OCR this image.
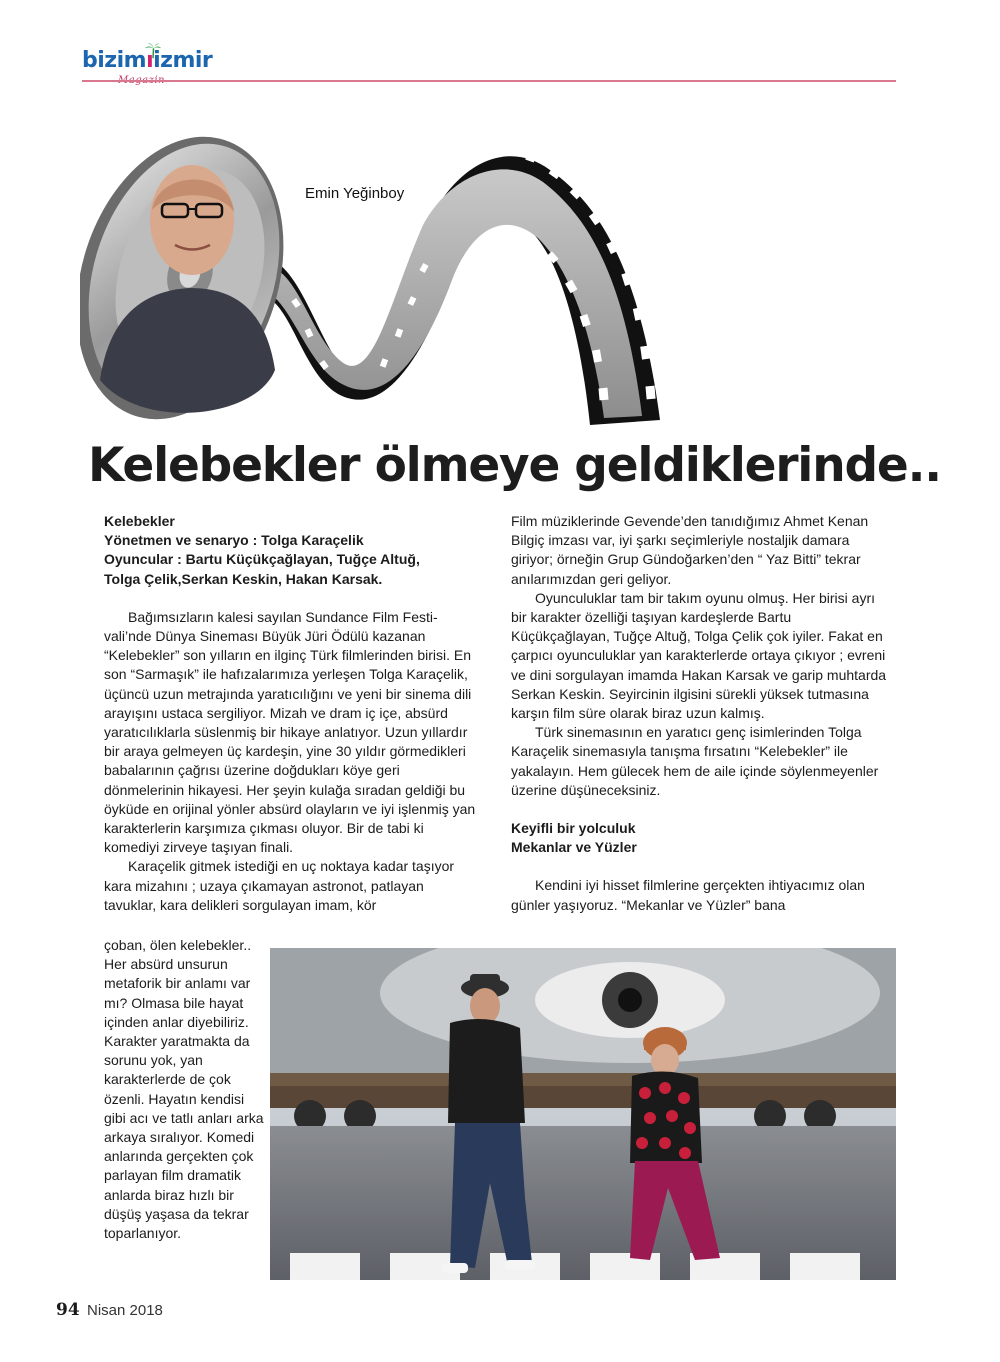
bizimıizmir
Emin Yeğinboy
Kelebekler ölmeye geldiklerinde..

Kelebekler

Yönetmen ve senaryo : Tolga Karaçelik

Oyuncular : Bartu Küçükçağlayan, Tuğçe Altuğ,

Tolga Çelik,Serkan Keskin, Hakan Karsak.

Bağımsızların kalesi sayılan Sundance Film Festivali’nde Dünya Sineması Büyük Jüri Ödülü kazanan “Kelebekler” son yılların en ilginç Türk filmlerinden birisi. En son “Sarmaşık” ile hafızalarımıza yerleşen Tolga Karaçelik, üçüncü uzun metrajında yaratıcılığını ve yeni bir sinema dili arayışını ustaca sergiliyor. Mizah ve dram iç içe, absürd yaratıcılıklarla süslenmiş bir hikaye anlatıyor. Uzun yıllardır bir araya gelmeyen üç kardeşin, yine 30 yıldır görmedikleri babalarının çağrısı üzerine doğdukları köye geri dönmelerinin hikayesi. Her şeyin kulağa sıradan geldiği bu öyküde en orijinal yönler absürd olayların ve iyi işlenmiş yan karakterlerin karşımıza çıkması oluyor. Bir de tabi ki komediyi zirveye taşıyan finali.

Karaçelik gitmek istediği en uç noktaya kadar taşıyor kara mizahını ; uzaya çıkamayan astronot, patlayan tavuklar, kara delikleri sorgulayan imam, kör

çoban, ölen kelebekler.. Her absürd unsurun metaforik bir anlamı var mı? Olmasa bile hayat içinden anlar diyebiliriz. Karakter yaratmakta da sorunu yok, yan karakterlerde de çok özenli. Hayatın kendisi gibi acı ve tatlı anları arka arkaya sıralıyor. Komedi anlarında gerçekten çok parlayan film dramatik anlarda biraz hızlı bir düşüş yaşasa da tekrar toparlanıyor.

Film müziklerinde Gevende’den tanıdığımız Ahmet Kenan Bilgiç imzası var, iyi şarkı seçimleriyle nostaljik damara giriyor; örneğin Grup Gündoğarken’den “ Yaz Bitti” tekrar anılarımızdan geri geliyor.

Oyunculuklar tam bir takım oyunu olmuş. Her birisi ayrı bir karakter özelliği taşıyan kardeşlerde Bartu Küçükçağlayan, Tuğçe Altuğ, Tolga Çelik çok iyiler. Fakat en çarpıcı oyunculuklar yan karakterlerde ortaya çıkıyor ; evreni ve dini sorgulayan imamda Hakan Karsak ve garip muhtarda Serkan Keskin. Seyircinin ilgisini sürekli yüksek tutmasına karşın film süre olarak biraz uzun kalmış.

Türk sinemasının en yaratıcı genç isimlerinden Tolga Karaçelik sinemasıyla tanışma fırsatını “Kelebekler” ile yakalayın. Hem gülecek hem de aile içinde söylenmeyenler üzerine düşüneceksiniz.

Keyifli bir yolculuk

Mekanlar ve Yüzler

Kendini iyi hisset filmlerine gerçekten ihtiyacımız olan günler yaşıyoruz. “Mekanlar ve Yüzler” bana

94 Nisan 2018
